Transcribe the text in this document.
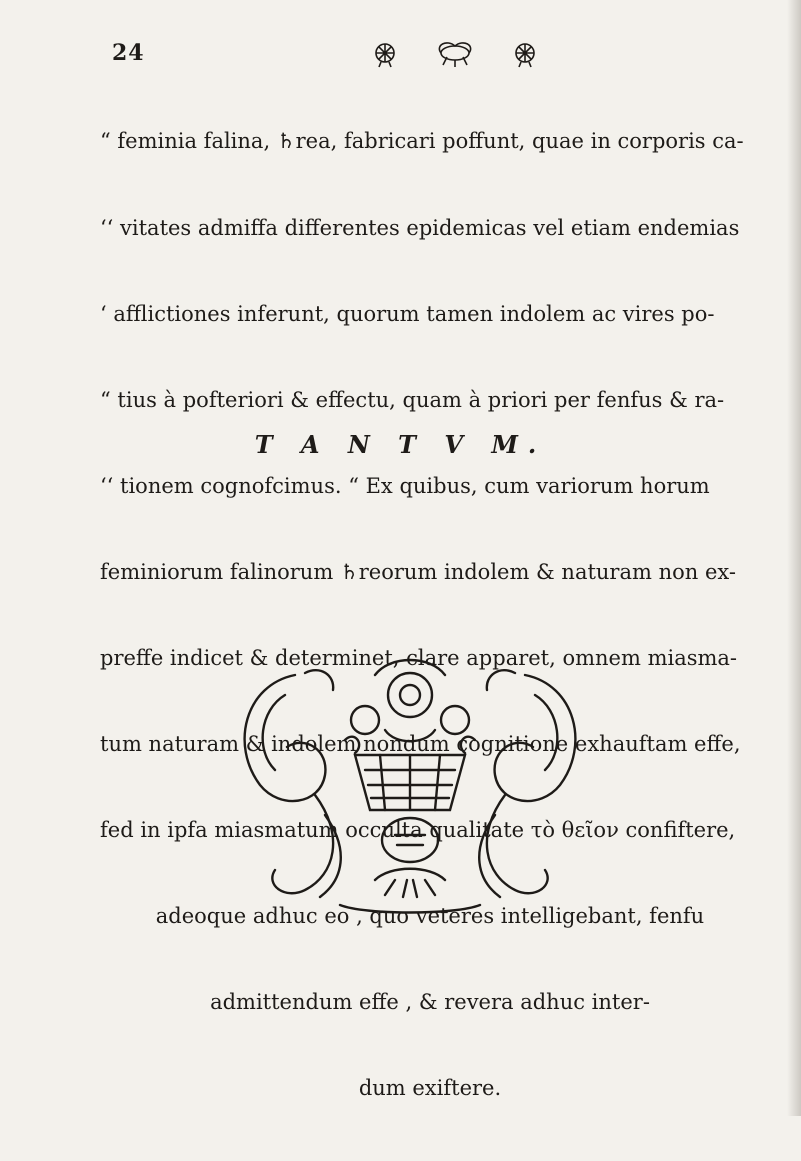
24

“ feminia falina, ♄rea, fabricari poffunt, quae in corporis ca-

‘‘ vitates admiffa differentes epidemicas vel etiam endemias

‘ afflictiones inferunt, quorum tamen indolem ac vires po-

“ tius à pofteriori & effectu, quam à priori per fenfus & ra-

‘‘ tionem cognofcimus. “ Ex quibus, cum variorum horum

feminiorum falinorum ♄reorum indolem & naturam non ex-

preffe indicet & determinet, clare apparet, omnem miasma-

tum naturam & indolem nondum cognitione exhauftam effe,

fed in ipfa miasmatum occulta qualitate τὸ θεῖον confiftere,

adeoque adhuc eo , quo veteres intelligebant, fenfu

admittendum effe , & revera adhuc inter-

dum exiftere.

T A N T V M.
